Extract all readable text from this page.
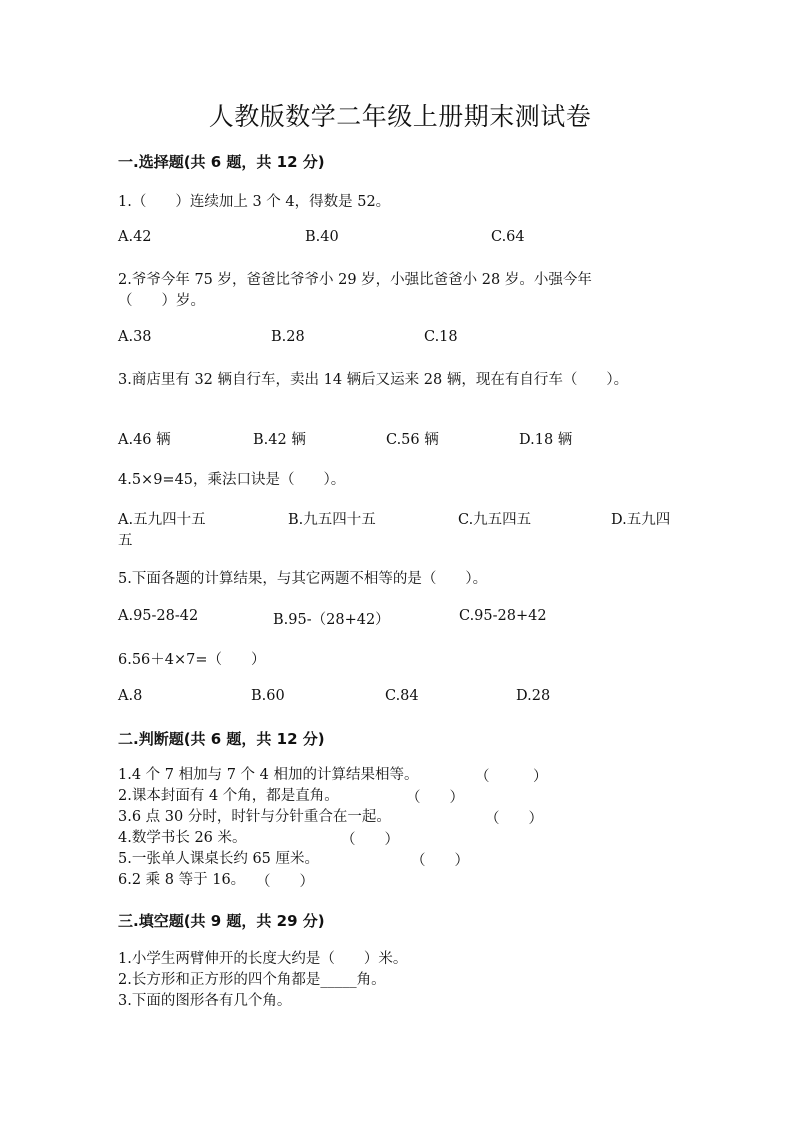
人教版数学二年级上册期末测试卷
一.选择题(共 6 题，共 12 分)
1.（　　）连续加上 3 个 4，得数是 52。
A.42	B.40	C.64
2.爷爷今年 75 岁，爸爸比爷爷小 29 岁，小强比爸爸小 28 岁。小强今年
（　　）岁。
A.38	B.28	C.18
3.商店里有 32 辆自行车，卖出 14 辆后又运来 28 辆，现在有自行车（　　）。
A.46 辆	B.42 辆	C.56 辆	D.18 辆
4.5×9=45，乘法口诀是（　　）。
A.五九四十五	B.九五四十五	C.九五四五	D.五九四
五
5.下面各题的计算结果，与其它两题不相等的是（　　）。
A.95-28-42	B.95-（28+42）	C.95-28+42
6.56＋4×7=（　　）
A.8	B.60	C.84	D.28
二.判断题(共 6 题，共 12 分)
1.4 个 7 相加与 7 个 4 相加的计算结果相等。	（　　　）
2.课本封面有 4 个角，都是直角。	（　　）
3.6 点 30 分时，时针与分针重合在一起。	（　　）
4.数学书长 26 米。	（　　）
5.一张单人课桌长约 65 厘米。	（　　）
6.2 乘 8 等于 16。 （　　）
三.填空题(共 9 题，共 29 分)
1.小学生两臂伸开的长度大约是（　　）米。
2.长方形和正方形的四个角都是_____角。
3.下面的图形各有几个角。
